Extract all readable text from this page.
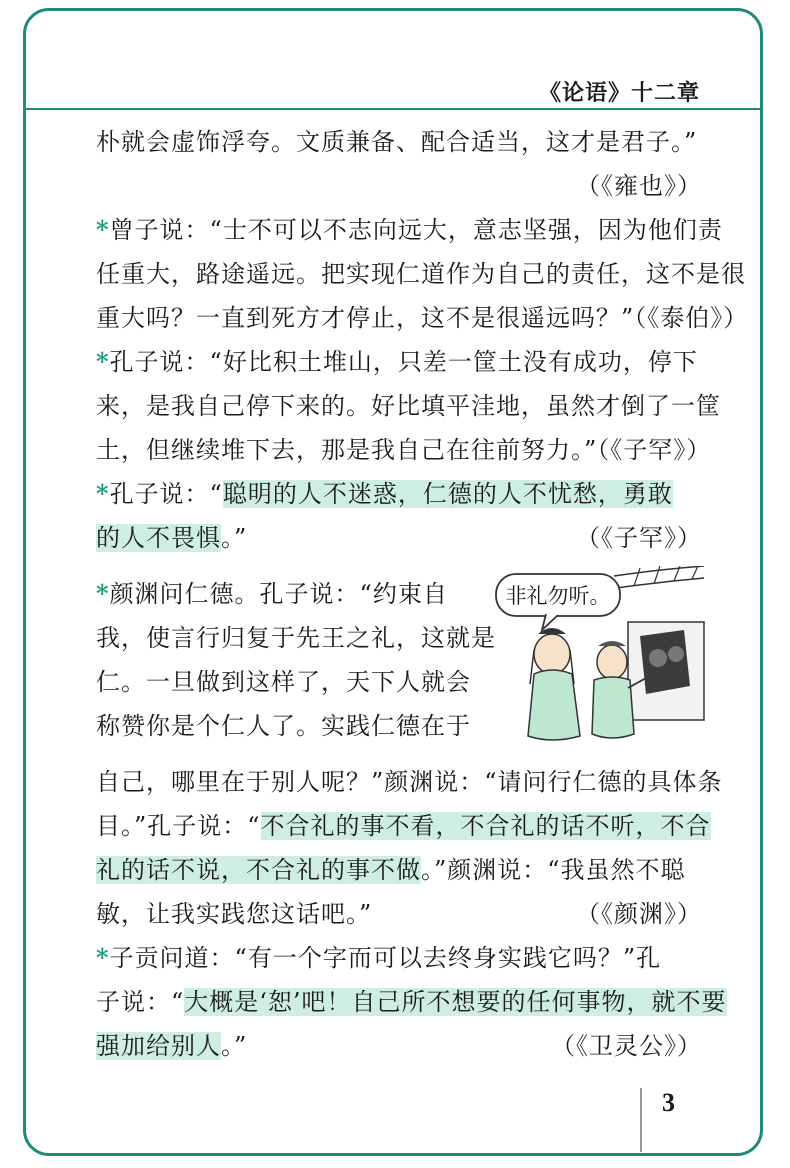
《论语》十二章
朴就会虚饰浮夸。文质兼备、配合适当，这才是君子。”
（《雍也》）
*曾子说：“士不可以不志向远大，意志坚强，因为他们责
任重大，路途遥远。把实现仁道作为自己的责任，这不是很
重大吗？一直到死方才停止，这不是很遥远吗？”（《泰伯》）
*孔子说：“好比积土堆山，只差一筐土没有成功，停下
来，是我自己停下来的。好比填平洼地，虽然才倒了一筐
土，但继续堆下去，那是我自己在往前努力。”（《子罕》）
*孔子说：“聪明的人不迷惑，仁德的人不忧愁，勇敢
的人不畏惧。”	（《子罕》）
*颜渊问仁德。孔子说：“约束自
我，使言行归复于先王之礼，这就是
仁。一旦做到这样了，天下人就会
称赞你是个仁人了。实践仁德在于
自己，哪里在于别人呢？”颜渊说：“请问行仁德的具体条
目。”孔子说：“不合礼的事不看，不合礼的话不听，不合
礼的话不说，不合礼的事不做。”颜渊说：“我虽然不聪
敏，让我实践您这话吧。”	（《颜渊》）
*子贡问道：“有一个字而可以去终身实践它吗？”孔
子说：“大概是‘恕’吧！自己所不想要的任何事物，就不要
强加给别人。”	（《卫灵公》）
非礼勿听。
3
